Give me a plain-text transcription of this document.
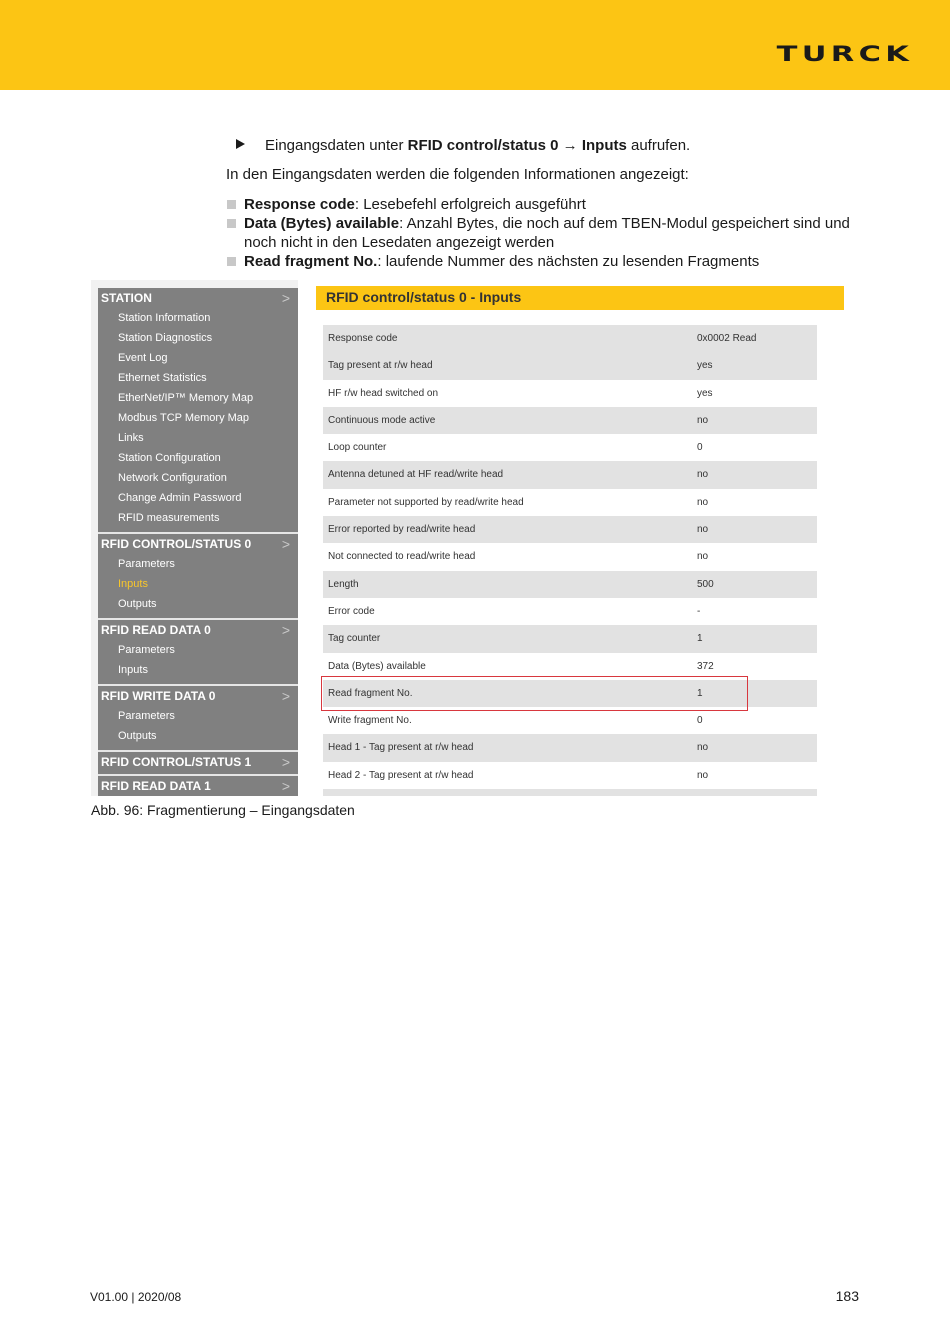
TURCK
Eingangsdaten unter RFID control/status 0 → Inputs aufrufen.
In den Eingangsdaten werden die folgenden Informationen angezeigt:
Response code: Lesebefehl erfolgreich ausgeführt
Data (Bytes) available: Anzahl Bytes, die noch auf dem TBEN-Modul gespeichert sind und noch nicht in den Lesedaten angezeigt werden
Read fragment No.: laufende Nummer des nächsten zu lesenden Fragments
STATION	>
Station Information
Station Diagnostics
Event Log
Ethernet Statistics
EtherNet/IP™ Memory Map
Modbus TCP Memory Map
Links
Station Configuration
Network Configuration
Change Admin Password
RFID measurements
RFID CONTROL/STATUS 0 >
Parameters
Inputs
Outputs
RFID READ DATA 0	>
Parameters
Inputs
RFID WRITE DATA 0	>
Parameters
Outputs
RFID CONTROL/STATUS 1 >
RFID READ DATA 1	>
RFID control/status 0 - Inputs
Response code	0x0002 Read
Tag present at r/w head	yes
HF r/w head switched on	yes
Continuous mode active	no
Loop counter	0
Antenna detuned at HF read/write head	no
Parameter not supported by read/write head	no
Error reported by read/write head	no
Not connected to read/write head	no
Length	500
Error code	-
Tag counter	1
Data (Bytes) available	372
Read fragment No.	1
Write fragment No.	0
Head 1 - Tag present at r/w head	no
Head 2 - Tag present at r/w head	no
Abb. 96: Fragmentierung – Eingangsdaten
V01.00 | 2020/08	183
